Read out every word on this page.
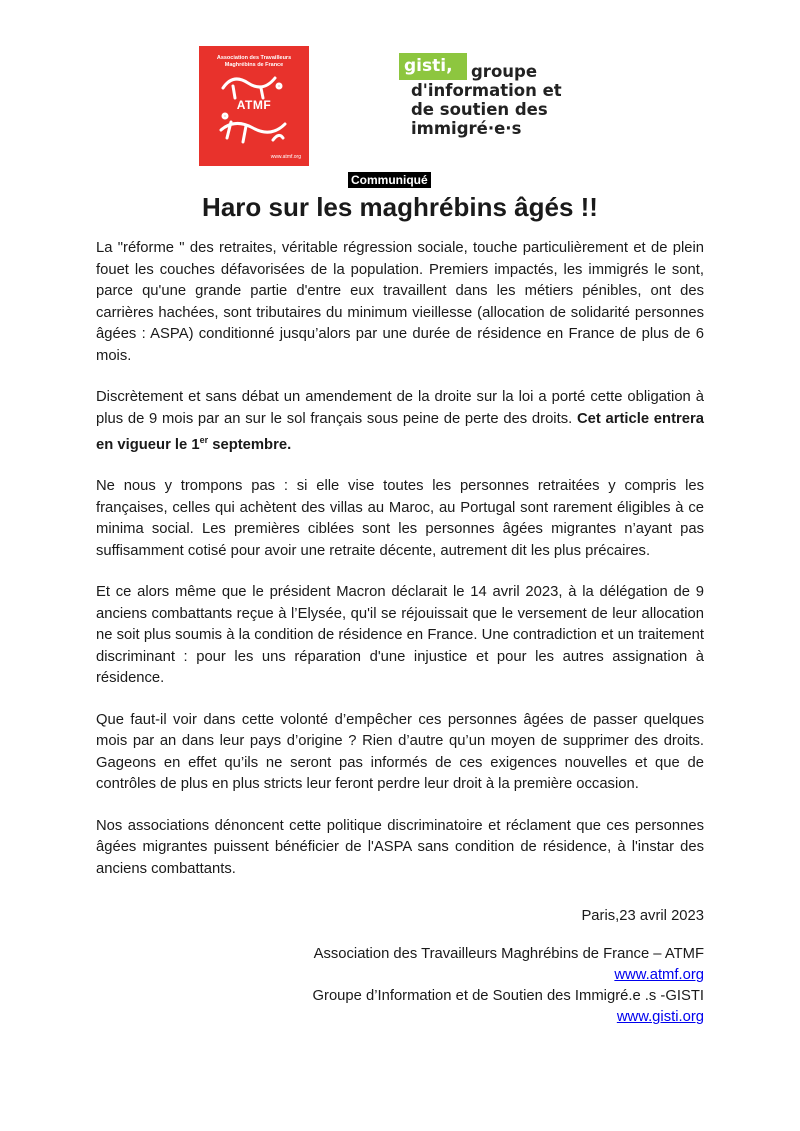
Association des Travailleurs
Maghrébins de France
ATMF
www.atmf.org
gisti,	groupe
d'information et
de soutien des
immigré·e·s
Communiqué
Haro sur les maghrébins âgés !!

La "réforme " des retraites, véritable régression sociale, touche particulièrement et de plein fouet les couches défavorisées de la population. Premiers impactés, les immigrés le sont, parce qu'une grande partie d'entre eux travaillent dans les métiers pénibles, ont des carrières hachées, sont tributaires du minimum vieillesse (allocation de solidarité personnes âgées : ASPA) conditionné jusqu’alors par une durée de résidence en France de plus de 6 mois.

Discrètement et sans débat un amendement de la droite sur la loi a porté cette obligation à plus de 9 mois par an sur le sol français sous peine de perte des droits. Cet article entrera en vigueur le 1er septembre.

Ne nous y trompons pas : si elle vise toutes les personnes retraitées y compris les françaises, celles qui achètent des villas au Maroc, au Portugal sont rarement éligibles à ce minima social. Les premières ciblées sont les personnes âgées migrantes n’ayant pas suffisamment cotisé pour avoir une retraite décente, autrement dit les plus précaires.

Et ce alors même que le président Macron déclarait le 14 avril 2023, à la délégation de 9 anciens combattants reçue à l’Elysée, qu'il se réjouissait que le versement de leur allocation ne soit plus soumis à la condition de résidence en France. Une contradiction et un traitement discriminant : pour les uns réparation d'une injustice et pour les autres assignation à résidence.

Que faut-il voir dans cette volonté d’empêcher ces personnes âgées de passer quelques mois par an dans leur pays d’origine ? Rien d’autre qu’un moyen de supprimer des droits. Gageons en effet qu’ils ne seront pas informés de ces exigences nouvelles et que de contrôles de plus en plus stricts leur feront perdre leur droit à la première occasion.

Nos associations dénoncent cette politique discriminatoire et réclament que ces personnes âgées migrantes puissent bénéficier de l'ASPA sans condition de résidence, à l'instar des anciens combattants.

Paris,23 avril 2023
Association des Travailleurs Maghrébins de France – ATMF
www.atmf.org
Groupe d’Information et de Soutien des Immigré.e .s -GISTI
www.gisti.org
